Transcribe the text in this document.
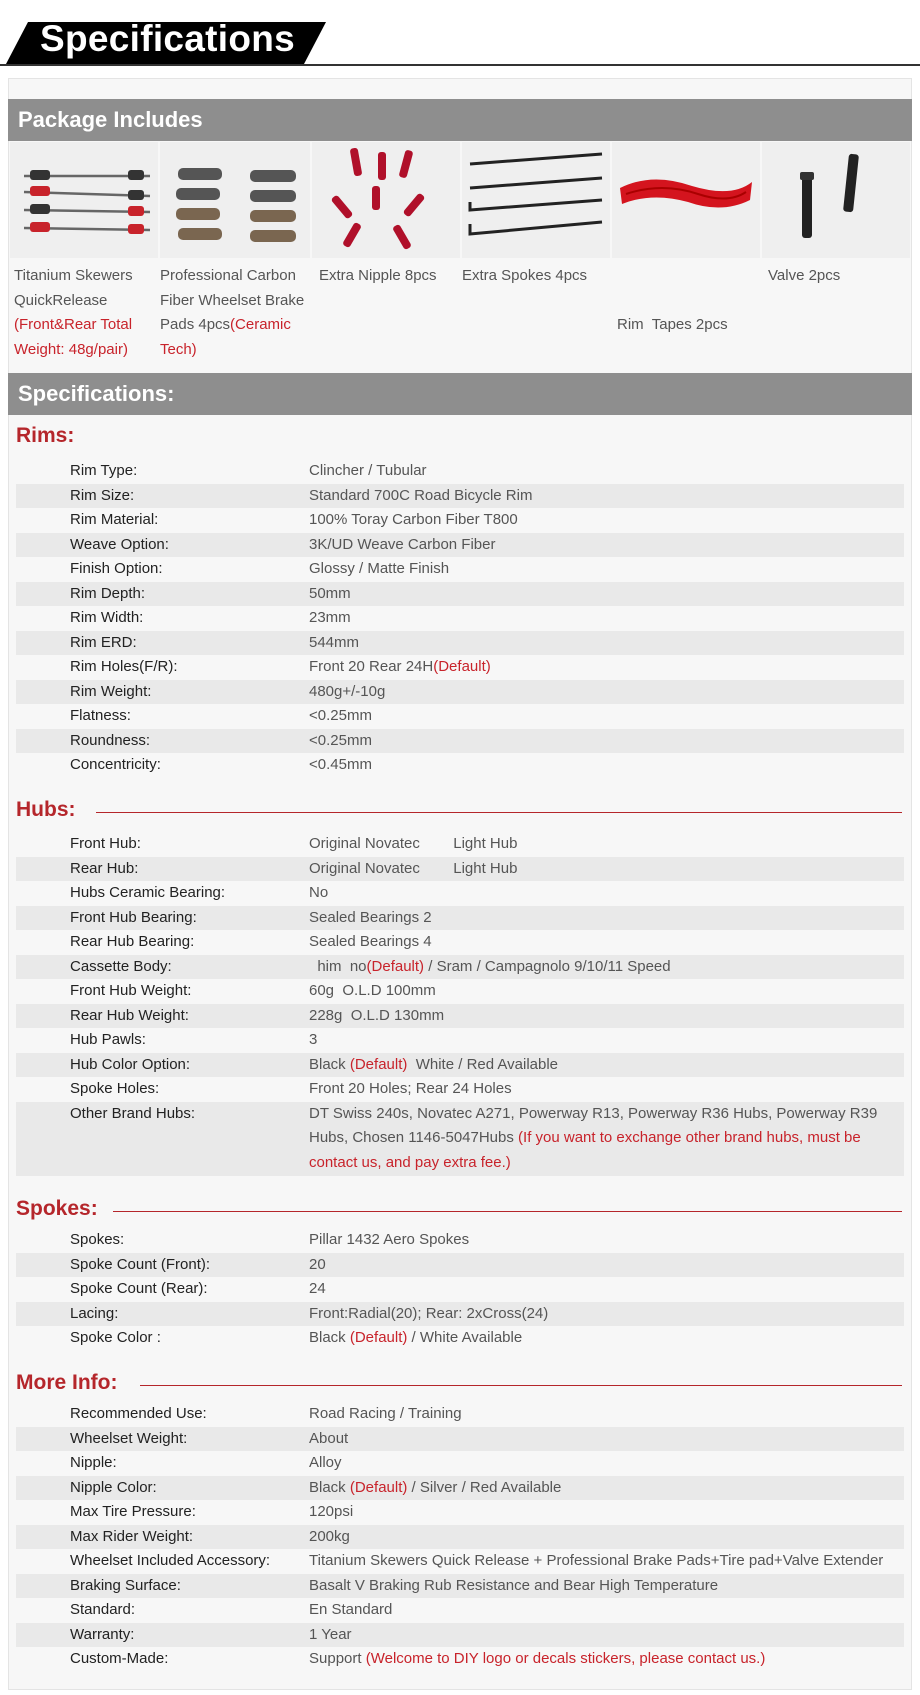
Specifications
Package Includes
Titanium Skewers
QuickRelease
(Front&Rear Total Weight: 48g/pair)
Professional Carbon
Fiber Wheelset Brake
Pads 4pcs(Ceramic Tech)
Extra Nipple 8pcs	Extra Spokes 4pcs

Rim  Tapes 2pcs

Valve 2pcs
Specifications:
Rims:
Rim Type:	Clincher / Tubular
Rim Size:	Standard 700C Road Bicycle Rim
Rim Material:	100% Toray Carbon Fiber T800
Weave Option:	3K/UD Weave Carbon Fiber
Finish Option:	Glossy / Matte Finish
Rim Depth:	50mm
Rim Width:	23mm
Rim ERD:	544mm
Rim Holes(F/R):	Front 20 Rear 24H(Default)
Rim Weight:	480g+/-10g
Flatness:	<0.25mm
Roundness:	<0.25mm
Concentricity:	<0.45mm
Hubs:
Front Hub:	Original Novatec        Light Hub
Rear Hub:	Original Novatec        Light Hub
Hubs Ceramic Bearing:	No
Front Hub Bearing:	Sealed Bearings 2
Rear Hub Bearing:	Sealed Bearings 4
Cassette Body:	him  no(Default) / Sram / Campagnolo 9/10/11 Speed
Front Hub Weight:	60g  O.L.D 100mm
Rear Hub Weight:	228g  O.L.D 130mm
Hub Pawls:	3
Hub Color Option:	Black (Default)  White / Red Available
Spoke Holes:	Front 20 Holes; Rear 24 Holes
Other Brand Hubs:	DT Swiss 240s, Novatec A271, Powerway R13, Powerway R36 Hubs, Powerway R39 Hubs, Chosen 1146-5047Hubs (If you want to exchange other brand hubs, must be contact us, and pay extra fee.)
Spokes:
Spokes:	Pillar 1432 Aero Spokes
Spoke Count (Front):	20
Spoke Count (Rear):	24
Lacing:	Front:Radial(20); Rear: 2xCross(24)
Spoke Color :	Black (Default) / White Available
More Info:
Recommended Use:	Road Racing / Training
Wheelset Weight:	About
Nipple:	Alloy
Nipple Color:	Black (Default) / Silver / Red Available
Max Tire Pressure:	120psi
Max Rider Weight:	200kg
Wheelset Included Accessory:	Titanium Skewers Quick Release + Professional Brake Pads+Tire pad+Valve Extender
Braking Surface:	Basalt V Braking Rub Resistance and Bear High Temperature
Standard:	En Standard
Warranty:	1 Year
Custom-Made:	Support (Welcome to DIY logo or decals stickers, please contact us.)
